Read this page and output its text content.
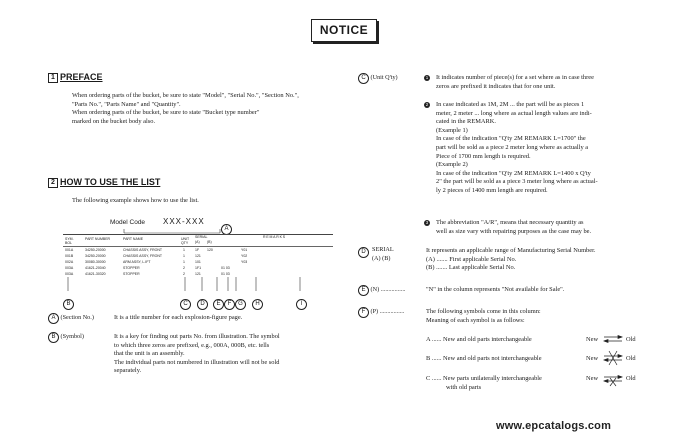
NOTICE
1 PREFACE
When ordering parts of the bucket, be sure to state "Model", "Serial No.", "Section No.",
"Parts No.", "Parts Name" and "Quantity".
When ordering parts of the bucket, be sure to state "Bucket type number"
marked on the bucket body also.
2 HOW TO USE THE LIST
The following example shows how to use the list.
Model Code XXX-XXX
A
SYM. BOL
PART NUMBER	PART NAME	UNIT QTY
SERIAL
(A) (B)
REMARKS
001A	34250-20000	CHASSIS ASSY, FRONT	1	1F 120	Y01
001B	34250-20000	CHASSIS ASSY, FRONT	1	121	Y02
002A	30080-30000	ARM ASSY, L.IFT	1	101	Y03
003A	41621-20040	STOPPER	2	1F1	01 03
003A	41621-30320	STOPPER	2	121	01 03
B	C	D	E	F	G	H	I
A (Section No.)	It is a title number for each explosion-figure page.
B (Symbol)	It is a key for finding out parts No. from illustration. The symbol
to which three zeros are prefixed, e.g., 000A, 000B, etc. tells
that the unit is an assembly.
The individual parts not numbered in illustration will not be sold
separately.
C (Unit Q'ty)	1 It indicates number of piece(s) for a set where as in case three
zeros are prefixed it indicates that for one unit.
2 In case indicated as 1M, 2M ... the part will be as pieces 1
meter, 2 meter ... long where as actual length values are indi-
cated in the REMARK.
(Example 1)
In case of the indication "Q'ty 2M REMARK L=1700" the
part will be sold as a piece 2 meter long where as actually a
Piece of 1700 mm length is required.
(Example 2)
In case of the indication "Q'ty 2M REMARK L=1400 x Q'ty
2" the part will be sold as a piece 3 meter long where as actual-
ly 2 pieces of 1400 mm length are required.
3 The abbreviation "A/R", means that necessary quantity as
well as size vary with repairing purposes as the case may be.
D	SERIAL
(A) (B)
It represents an applicable range of Manufacturing Serial Number.
(A) ....... First applicable Serial No.
(B) ....... Last applicable Serial No.
E (N) ................	"N" in the column represents "Not available for Sale".
F (P) ................	The following symbols come in this column:
Meaning of each symbol is as follows:
A ...... New and old parts interchangeable	New	Old
B ...... New and old parts not interchangeable	New	Old
C ...... New parts unilaterally interchangeable
with old parts
New	Old
www.epcatalogs.com
